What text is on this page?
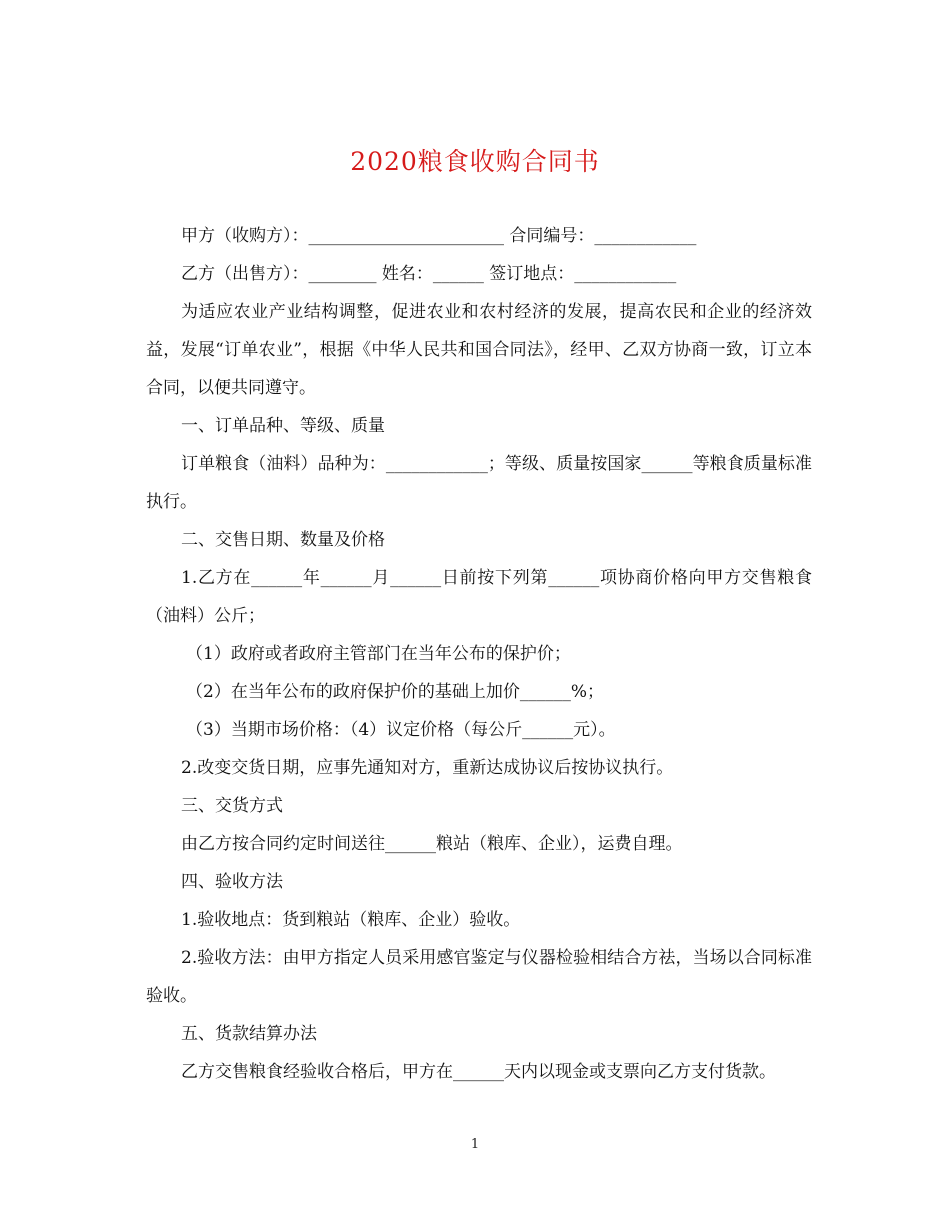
2020粮食收购合同书

甲方（收购方）：_______________________ 合同编号：____________

乙方（出售方）：________ 姓名：______ 签订地点：____________

为适应农业产业结构调整，促进农业和农村经济的发展，提高农民和企业的经济效益，发展“订单农业”，根据《中华人民共和国合同法》，经甲、乙双方协商一致，订立本合同，以便共同遵守。

一、订单品种、等级、质量

订单粮食（油料）品种为：____________；等级、质量按国家______等粮食质量标准执行。

二、交售日期、数量及价格

1.乙方在______年______月______日前按下列第______项协商价格向甲方交售粮食（油料）公斤；

（1）政府或者政府主管部门在当年公布的保护价；

（2）在当年公布的政府保护价的基础上加价______%；

（3）当期市场价格：（4）议定价格（每公斤______元）。

2.改变交货日期，应事先通知对方，重新达成协议后按协议执行。

三、交货方式

由乙方按合同约定时间送往______粮站（粮库、企业），运费自理。

四、验收方法

1.验收地点：货到粮站（粮库、企业）验收。

2.验收方法：由甲方指定人员采用感官鉴定与仪器检验相结合方祛，当场以合同标准验收。

五、货款结算办法

乙方交售粮食经验收合格后，甲方在______天内以现金或支票向乙方支付货款。

1
